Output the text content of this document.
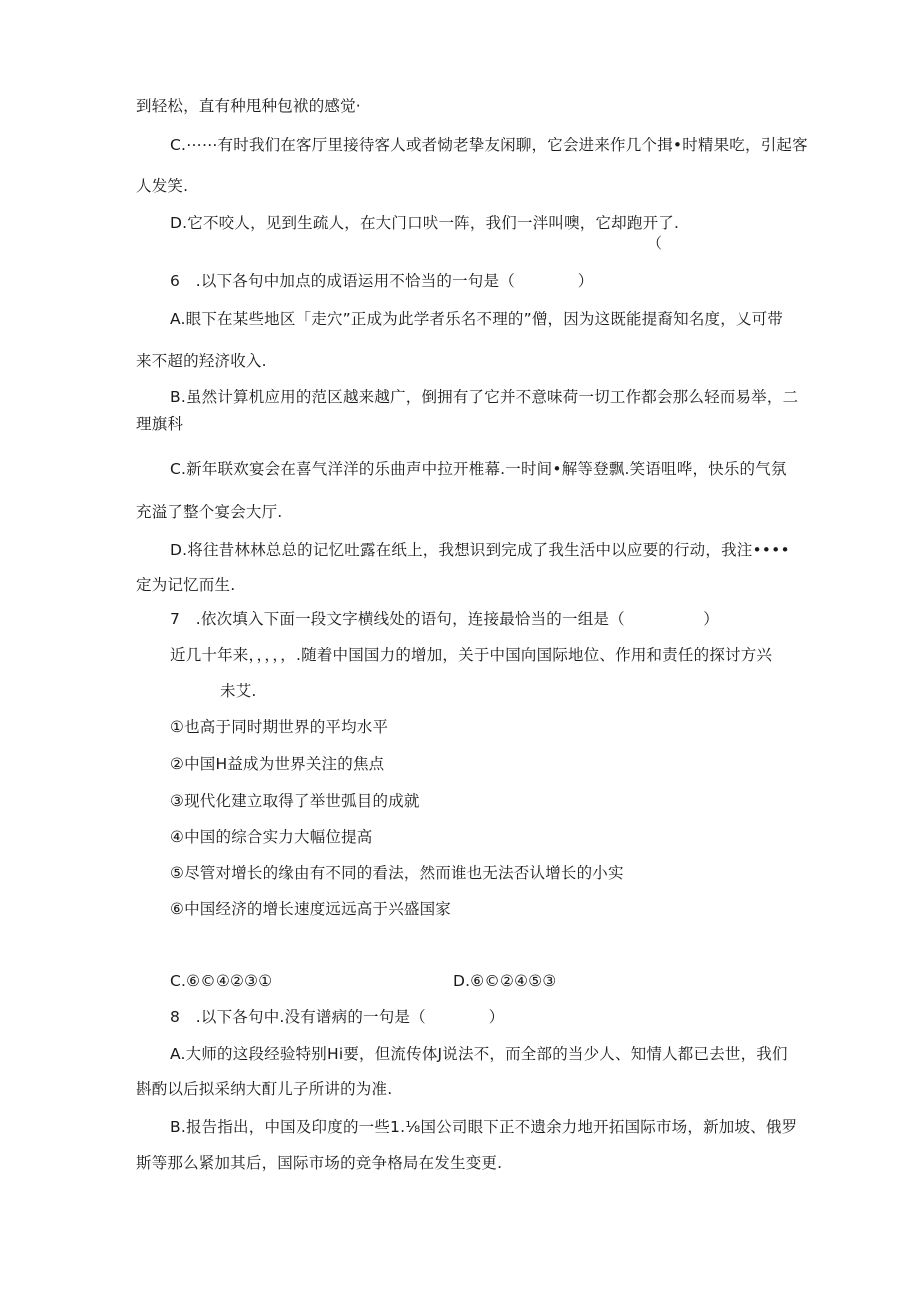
到轻松，直有种甩种包袱的感觉·
C.⋯⋯有时我们在客厅里接待客人或者恸老挚友闲聊，它会进来作几个揖•时精果吃，引起客
人发笑.
D.它不咬人，见到生疏人，在大门口吠一阵，我们一泮叫噢，它却跑开了.
（
6　.以下各句中加点的成语运用不恰当的一句是（　　　　）
A.眼下在某些地区「走穴”正成为此学者乐名不理的”僧，因为这既能提裔知名度，乂可带
来不超的羟济收入.
B.虽然计算机应用的范区越来越广，倒拥有了它并不意味荷一切工作都会那么轻而易举，二
理旗科
C.新年联欢宴会在喜气洋洋的乐曲声中拉开椎幕.一时间•解等登飘.笑语咀哗，快乐的气氛
充溢了整个宴会大厅.
D.将往昔林林总总的记忆吐露在纸上，我想识到完成了我生活中以应要的行动，我注••••
定为记忆而生.
7　.依次填入下面一段文字横线处的语句，连接最恰当的一组是（　　　　　）
近几十年来，，，，，.随着中国国力的增加，关于中国向国际地位、作用和责任的探讨方兴
未艾.
①也高于同时期世界的平均水平
②中国H益成为世界关注的焦点
③现代化建立取得了举世弧目的成就
④中国的综合实力大幅位提高
⑤尽管对增长的缘由有不同的看法，然而谁也无法否认增长的小实
⑥中国经济的增长速度远远高于兴盛国家
C.⑥©④②③①	D.⑥©②④⑤③
8　.以下各句中.没有谱病的一句是（　　　　）
A.大师的这段经验特别Hi要，但流传体J说法不，而全部的当少人、知情人都已去世，我们
斟酌以后拟采纳大酊儿子所讲的为准.
B.报告指出，中国及印度的一些1.⅛国公司眼下正不遗余力地开拓国际市场，新加坡、俄罗
斯等那么紧加其后，国际市场的竞争格局在发生变更.
